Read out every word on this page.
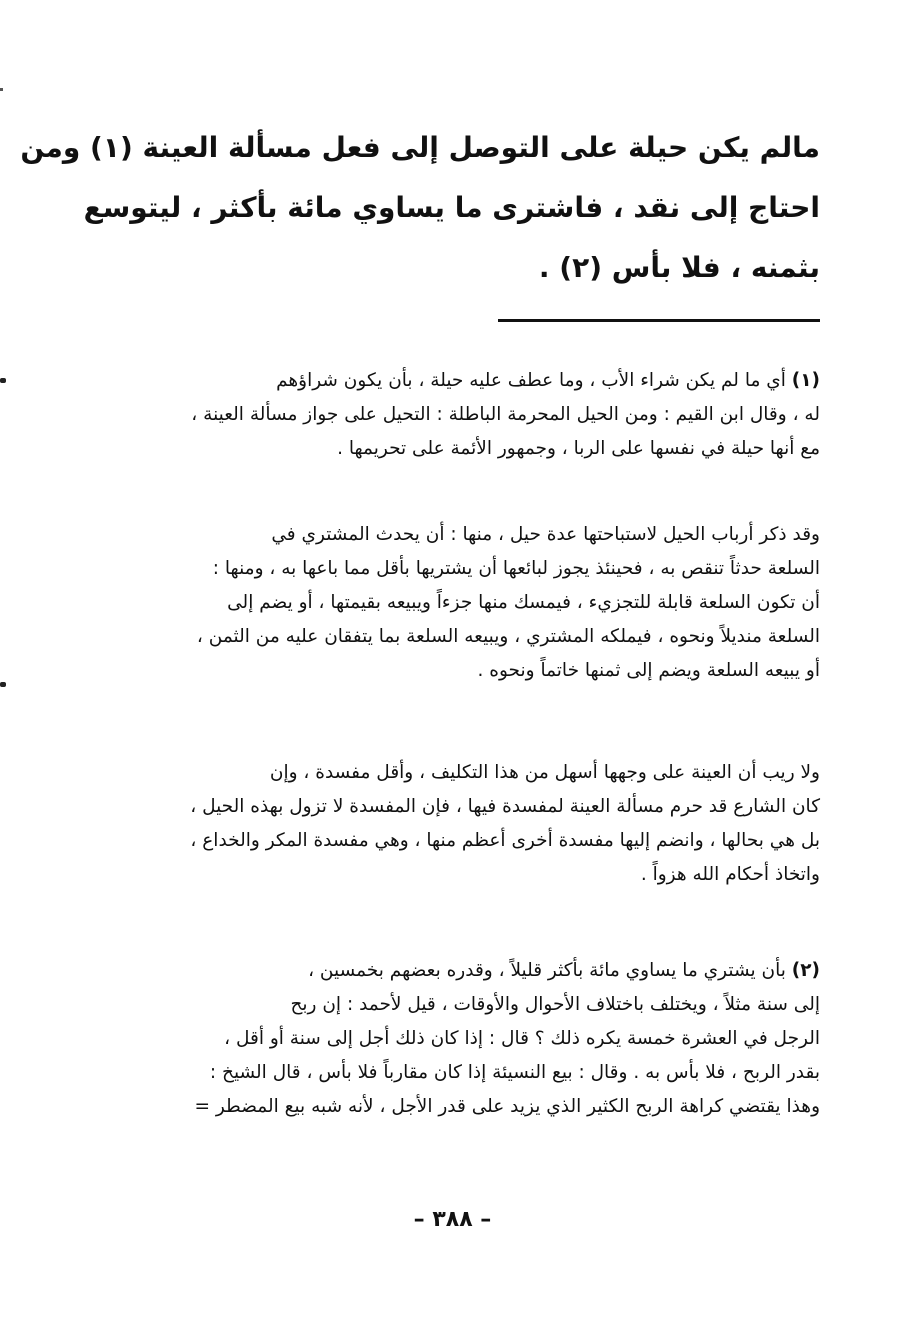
مالم يكن حيلة على التوصل إلى فعل مسألة العينة (١) ومن
احتاج إلى نقد ، فاشترى ما يساوي مائة بأكثر ، ليتوسع
بثمنه ، فلا بأس (٢) .
(١) أي ما لم يكن شراء الأب ، وما عطف عليه حيلة ، بأن يكون شراؤهم
له ، وقال ابن القيم : ومن الحيل المحرمة الباطلة : التحيل على جواز مسألة العينة ،
مع أنها حيلة في نفسها على الربا ، وجمهور الأئمة على تحريمها .
وقد ذكر أرباب الحيل لاستباحتها عدة حيل ، منها : أن يحدث المشتري في
السلعة حدثاً تنقص به ، فحينئذ يجوز لبائعها أن يشتريها بأقل مما باعها به ، ومنها :
أن تكون السلعة قابلة للتجزيء ، فيمسك منها جزءاً ويبيعه بقيمتها ، أو يضم إلى
السلعة منديلاً ونحوه ، فيملكه المشتري ، ويبيعه السلعة بما يتفقان عليه من الثمن ،
أو يبيعه السلعة ويضم إلى ثمنها خاتماً ونحوه .
ولا ريب أن العينة على وجهها أسهل من هذا التكليف ، وأقل مفسدة ، وإن
كان الشارع قد حرم مسألة العينة لمفسدة فيها ، فإن المفسدة لا تزول بهذه الحيل ،
بل هي بحالها ، وانضم إليها مفسدة أخرى أعظم منها ، وهي مفسدة المكر والخداع ،
واتخاذ أحكام الله هزواً .
(٢) بأن يشتري ما يساوي مائة بأكثر قليلاً ، وقدره بعضهم بخمسين ،
إلى سنة مثلاً ، ويختلف باختلاف الأحوال والأوقات ، قيل لأحمد : إن ربح
الرجل في العشرة خمسة يكره ذلك ؟ قال : إذا كان ذلك أجل إلى سنة أو أقل ،
بقدر الربح ، فلا بأس به . وقال : بيع النسيئة إذا كان مقارباً فلا بأس ، قال الشيخ :
وهذا يقتضي كراهة الربح الكثير الذي يزيد على قدر الأجل ، لأنه شبه بيع المضطر =
– ٣٨٨ –
